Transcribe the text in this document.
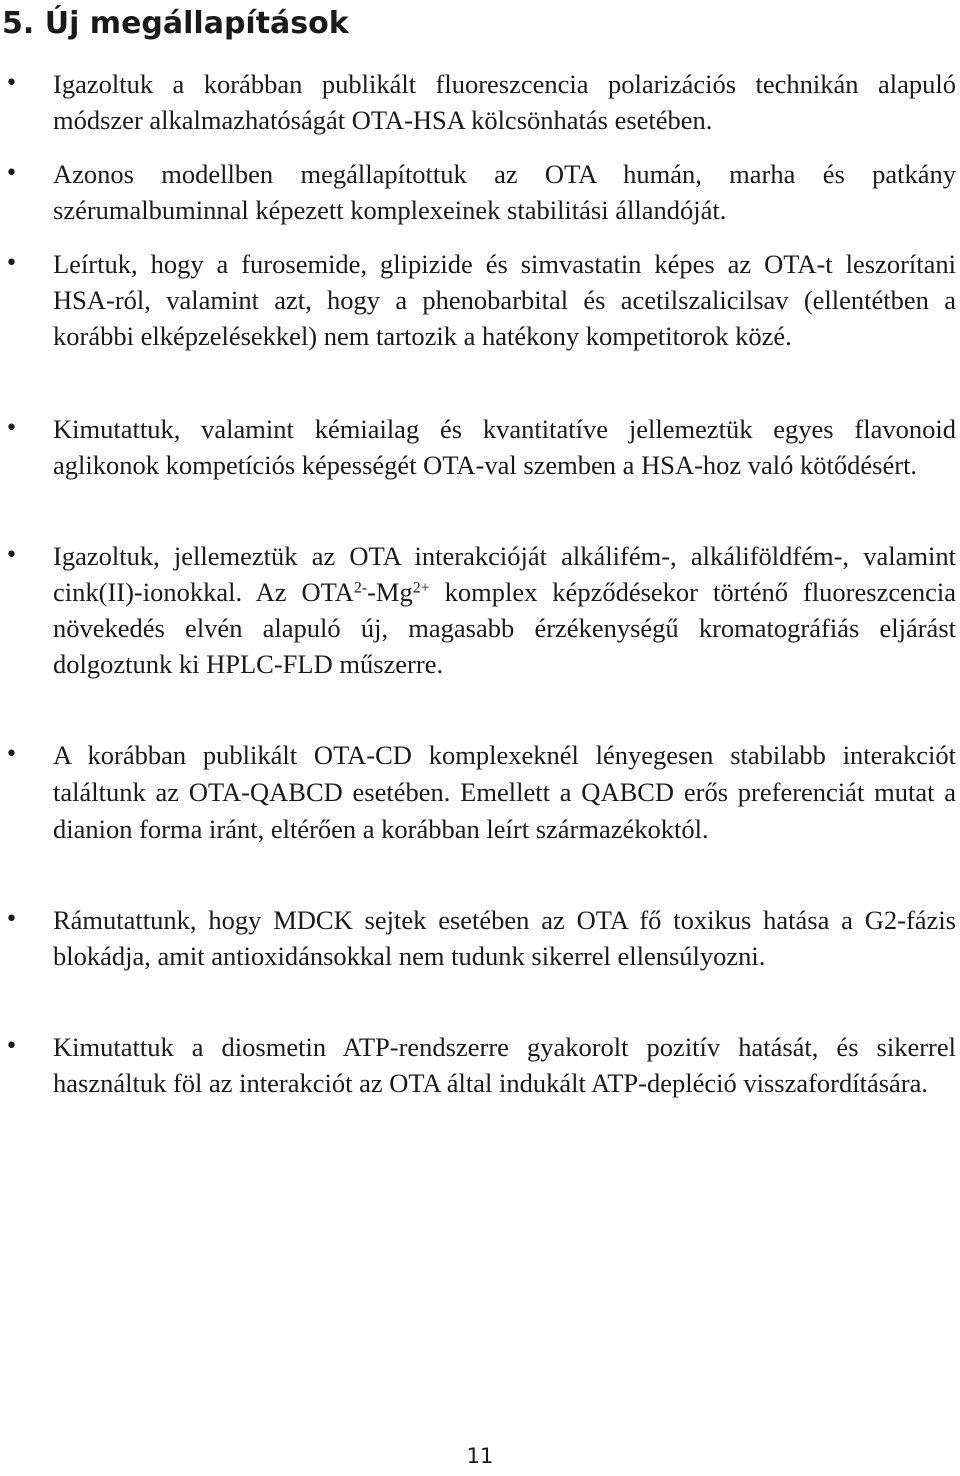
5. Új megállapítások
• Igazoltuk a korábban publikált fluoreszcencia polarizációs technikán alapuló módszer alkalmazhatóságát OTA-HSA kölcsönhatás esetében.
• Azonos modellben megállapítottuk az OTA humán, marha és patkány szérumalbuminnal képezett komplexeinek stabilitási állandóját.
• Leírtuk, hogy a furosemide, glipizide és simvastatin képes az OTA-t leszorítani HSA-ról, valamint azt, hogy a phenobarbital és acetilszalicilsav (ellentétben a korábbi elképzelésekkel) nem tartozik a hatékony kompetitorok közé.
• Kimutattuk, valamint kémiailag és kvantitatíve jellemeztük egyes flavonoid aglikonok kompetíciós képességét OTA-val szemben a HSA-hoz való kötődésért.
• Igazoltuk, jellemeztük az OTA interakcióját alkálifém-, alkáliföldfém-, valamint cink(II)-ionokkal. Az $OTA^{2-}-Mg^{2+}$ komplex képződésekor történő fluoreszcencia növekedés elvén alapuló új, magasabb érzékenységű kromatográfiás eljárást dolgoztunk ki HPLC-FLD műszerre.
• A korábban publikált OTA-CD komplexeknél lényegesen stabilabb interakciót találtunk az OTA-QABCD esetében. Emellett a QABCD erős preferenciát mutat a dianion forma iránt, eltérően a korábban leírt származékoktól.
• Rámutattunk, hogy MDCK sejtek esetében az OTA fő toxikus hatása a G2-fázis blokádja, amit antioxidánsokkal nem tudunk sikerrel ellensúlyozni.
• Kimutattuk a diosmetin ATP-rendszerre gyakorolt pozitív hatását, és sikerrel használtuk föl az interakciót az OTA által indukált ATP-depléció visszafordítására.
11
